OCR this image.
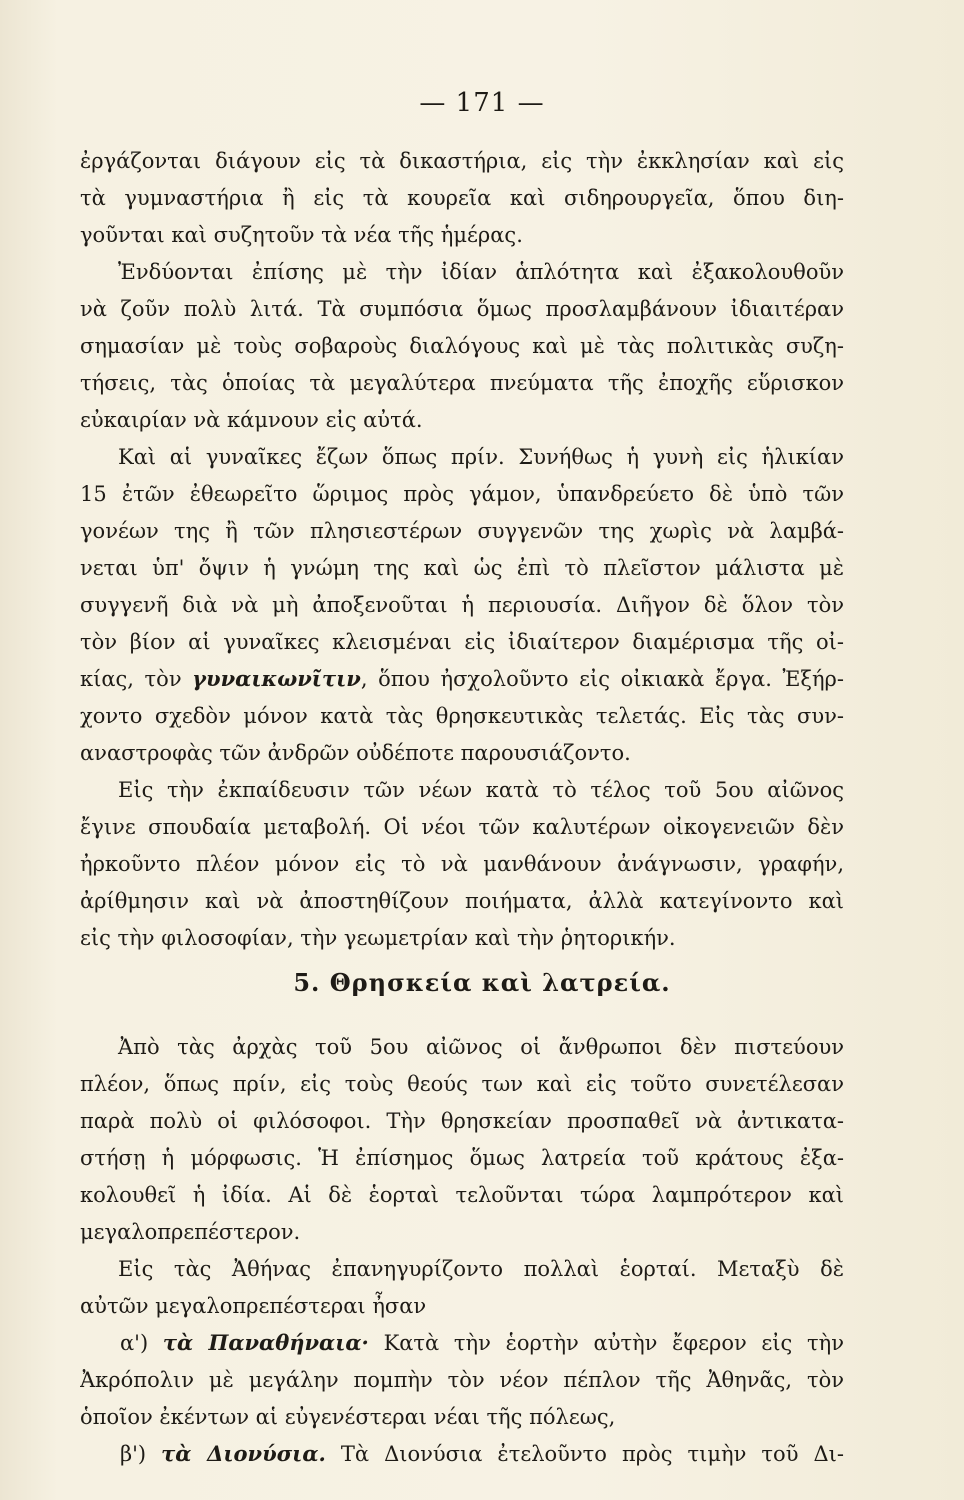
— 171 —
ἐργάζονται διάγουν εἰς τὰ δικαστήρια, εἰς τὴν ἐκκλησίαν καὶ εἰς
τὰ γυμναστήρια ἢ εἰς τὰ κουρεῖα καὶ σιδηρουργεῖα, ὅπου διη-
γοῦνται καὶ συζητοῦν τὰ νέα τῆς ἡμέρας.
Ἐνδύονται ἐπίσης μὲ τὴν ἰδίαν ἁπλότητα καὶ ἐξακολουθοῦν
νὰ ζοῦν πολὺ λιτά. Τὰ συμπόσια ὅμως προσλαμβάνουν ἰδιαιτέραν
σημασίαν μὲ τοὺς σοβαροὺς διαλόγους καὶ μὲ τὰς πολιτικὰς συζη-
τήσεις, τὰς ὁποίας τὰ μεγαλύτερα πνεύματα τῆς ἐποχῆς εὕρισκον
εὐκαιρίαν νὰ κάμνουν εἰς αὐτά.
Καὶ αἱ γυναῖκες ἔζων ὅπως πρίν. Συνήθως ἡ γυνὴ εἰς ἡλικίαν
15 ἐτῶν ἐθεωρεῖτο ὥριμος πρὸς γάμον, ὑπανδρεύετο δὲ ὑπὸ τῶν
γονέων της ἢ τῶν πλησιεστέρων συγγενῶν της χωρὶς νὰ λαμβά-
νεται ὑπ' ὄψιν ἡ γνώμη της καὶ ὡς ἐπὶ τὸ πλεῖστον μάλιστα μὲ
συγγενῆ διὰ νὰ μὴ ἀποξενοῦται ἡ περιουσία. Διῆγον δὲ ὅλον τὸν
τὸν βίον αἱ γυναῖκες κλεισμέναι εἰς ἰδιαίτερον διαμέρισμα τῆς οἰ-
κίας, τὸν γυναικωνῖτιν, ὅπου ἠσχολοῦντο εἰς οἰκιακὰ ἔργα. Ἐξήρ-
χοντο σχεδὸν μόνον κατὰ τὰς θρησκευτικὰς τελετάς. Εἰς τὰς συν-
αναστροφὰς τῶν ἀνδρῶν οὐδέποτε παρουσιάζοντο.
Εἰς τὴν ἐκπαίδευσιν τῶν νέων κατὰ τὸ τέλος τοῦ 5ου αἰῶνος
ἔγινε σπουδαία μεταβολή. Οἱ νέοι τῶν καλυτέρων οἰκογενειῶν δὲν
ἠρκοῦντο πλέον μόνον εἰς τὸ νὰ μανθάνουν ἀνάγνωσιν, γραφήν,
ἀρίθμησιν καὶ νὰ ἀποστηθίζουν ποιήματα, ἀλλὰ κατεγίνοντο καὶ
5. Θρησκεία καὶ λατρεία.
Ἀπὸ τὰς ἀρχὰς τοῦ 5ου αἰῶνος οἱ ἄνθρωποι δὲν πιστεύουν
πλέον, ὅπως πρίν, εἰς τοὺς θεούς των καὶ εἰς τοῦτο συνετέλεσαν
παρὰ πολὺ οἱ φιλόσοφοι. Τὴν θρησκείαν προσπαθεῖ νὰ ἀντικατα-
στήσῃ ἡ μόρφωσις. Ἡ ἐπίσημος ὅμως λατρεία τοῦ κράτους ἐξα-
κολουθεῖ ἡ ἰδία. Αἱ δὲ ἑορταὶ τελοῦνται τώρα λαμπρότερον καὶ
μεγαλοπρεπέστερον.
Εἰς τὰς Ἀθήνας ἐπανηγυρίζοντο πολλαὶ ἑορταί. Μεταξὺ δὲ
αὐτῶν μεγαλοπρεπέστεραι ἦσαν
α') τὰ Παναθήναια· Κατὰ τὴν ἑορτὴν αὐτὴν ἔφερον εἰς τὴν
Ἀκρόπολιν μὲ μεγάλην πομπὴν τὸν νέον πέπλον τῆς Ἀθηνᾶς, τὸν
ὁποῖον ἐκέντων αἱ εὐγενέστεραι νέαι τῆς πόλεως,
β') τὰ Διονύσια. Τὰ Διονύσια ἐτελοῦντο πρὸς τιμὴν τοῦ Δι-
εἰς τὴν φιλοσοφίαν, τὴν γεωμετρίαν καὶ τὴν ῥητορικήν.
